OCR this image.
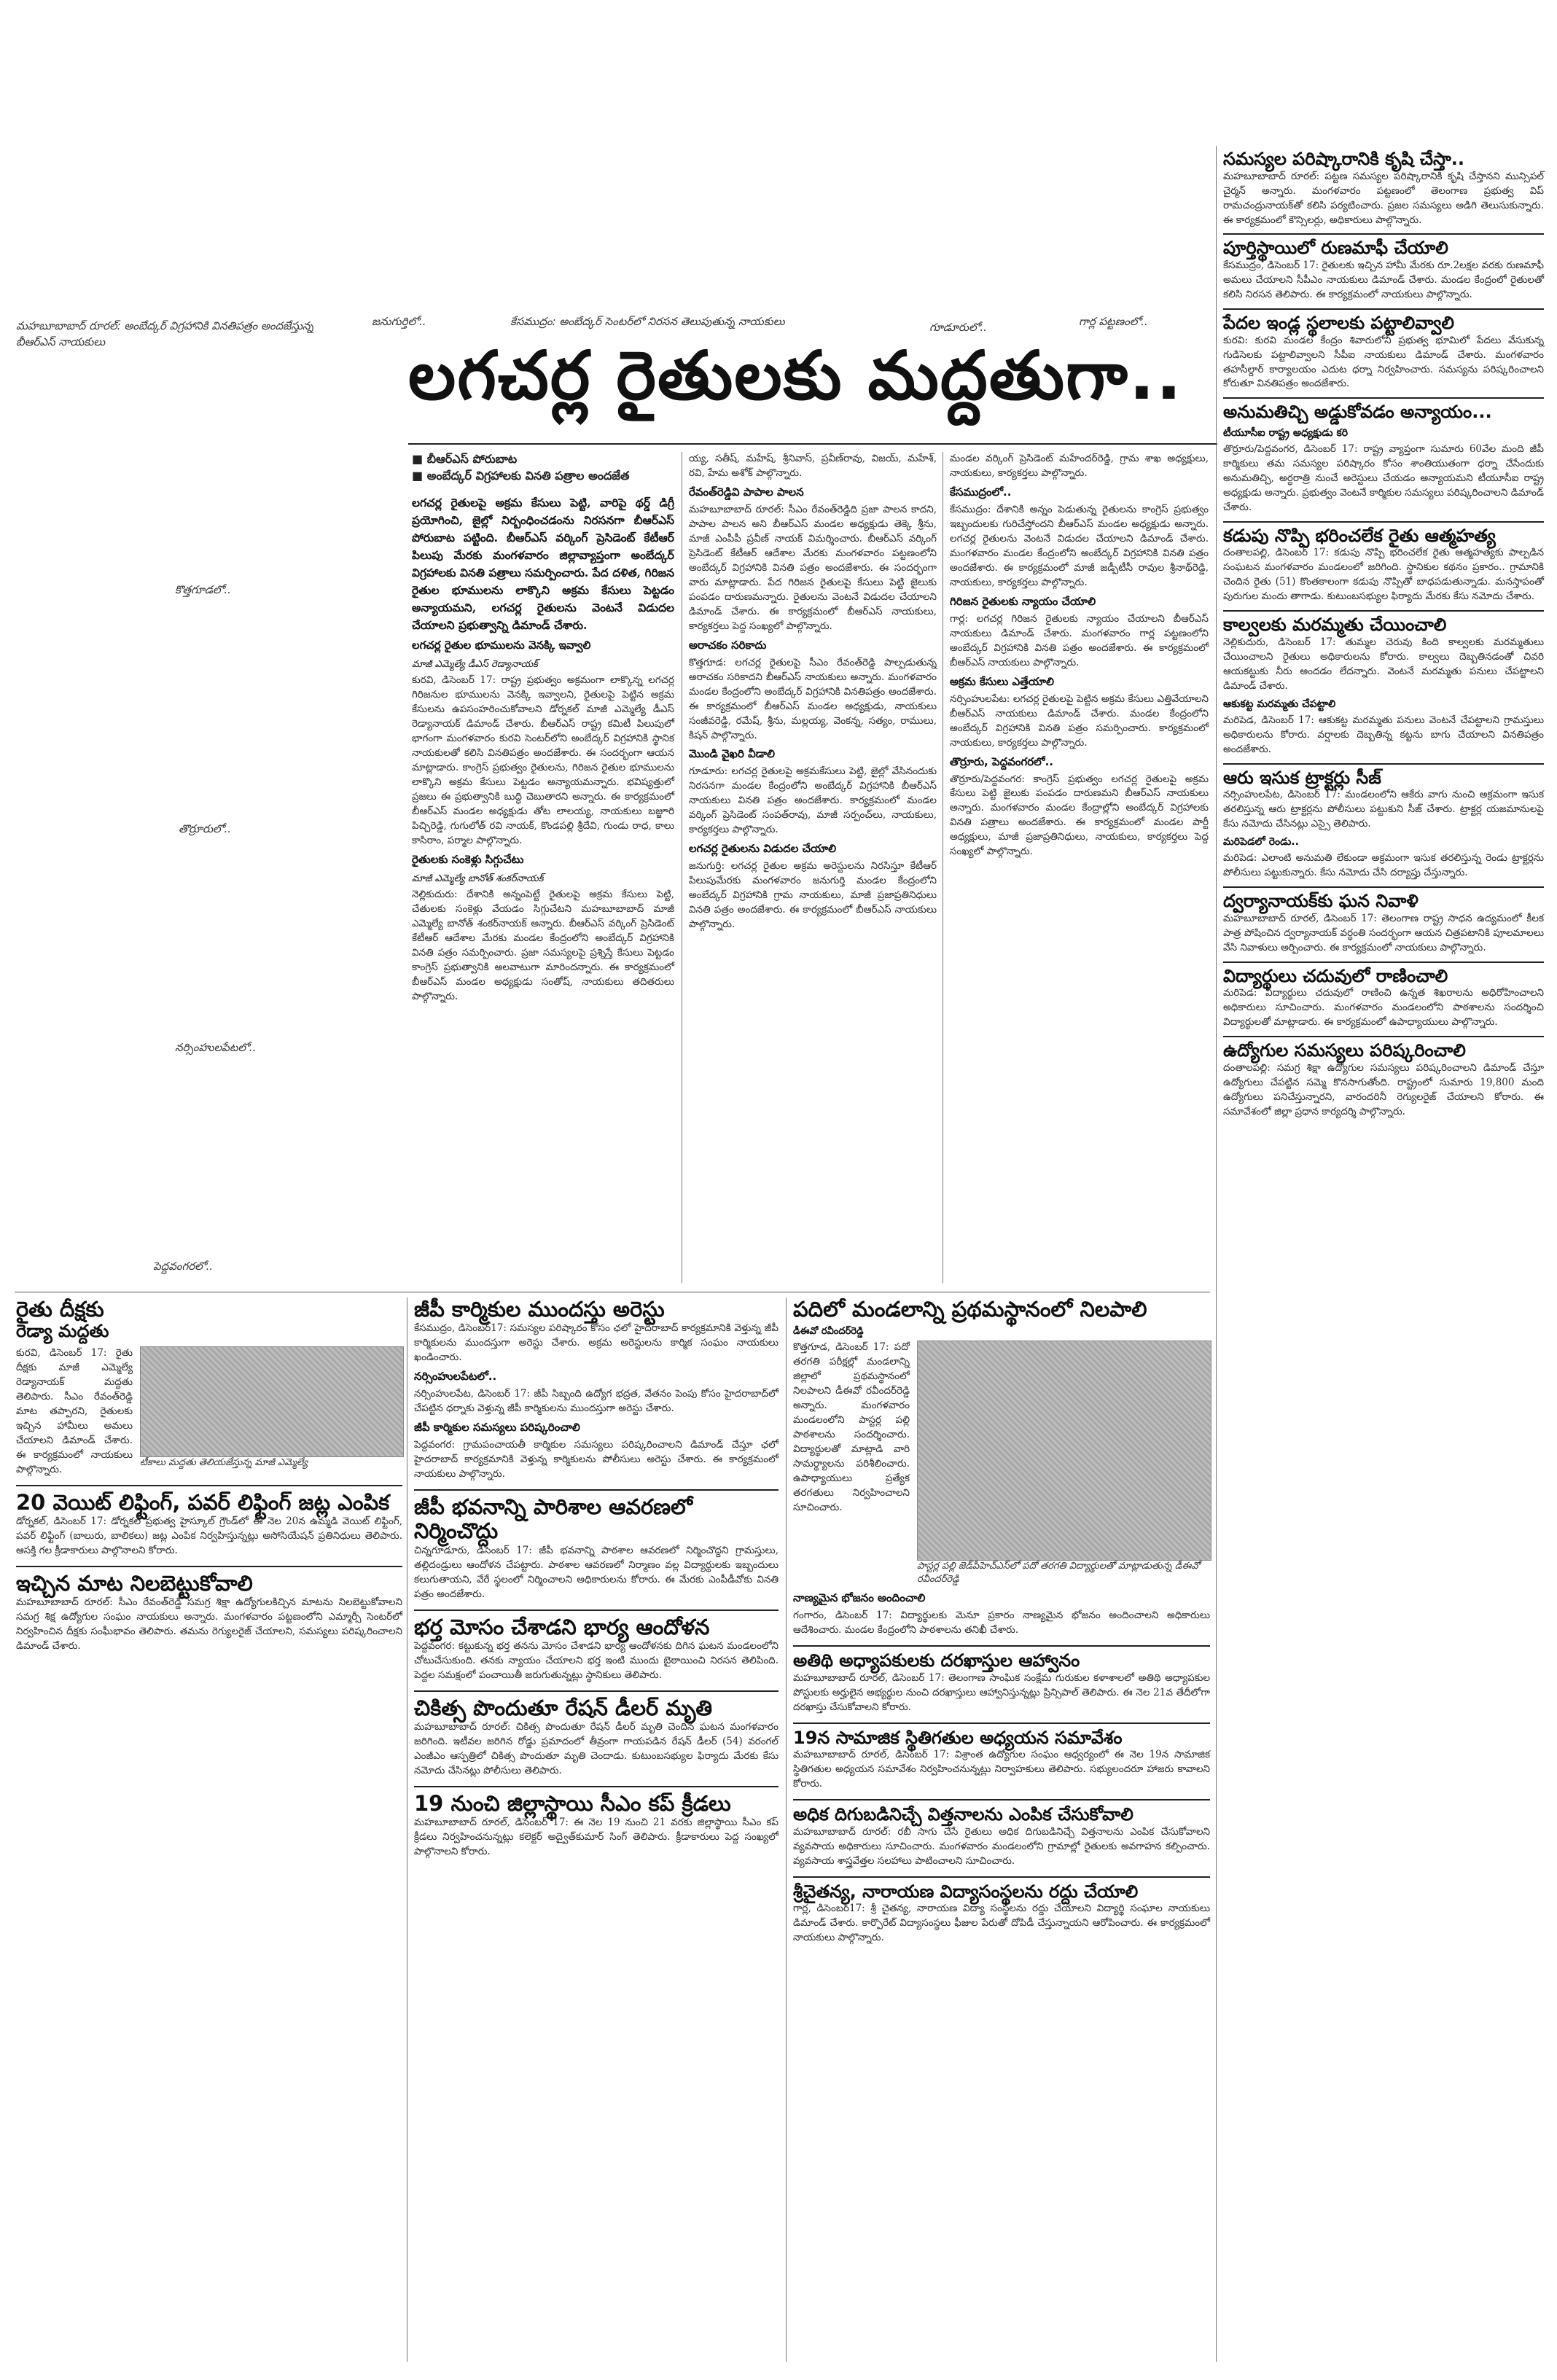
మహబూబాబాద్ రూరల్: అంబేద్కర్ విగ్రహానికి వినతిపత్రం అందజేస్తున్న బీఆర్ఎస్ నాయకులు
జనుగుర్తిలో..	కేసముద్రం: అంబేద్కర్ సెంటర్‌లో నిరసన తెలుపుతున్న నాయకులు	గూడూరులో..	గార్ల పట్టణంలో..
కొత్తగూడలో..
తొర్రూరులో..
నర్సింహులపేటలో..
పెద్దవంగరలో..
లగచర్ల రైతులకు మద్దతుగా..
■ బీఆర్ఎస్ పోరుబాట
■ అంబేద్కర్ విగ్రహాలకు వినతి పత్రాల అందజేత
లగచర్ల రైతులపై అక్రమ కేసులు పెట్టి, వారిపై థర్డ్ డిగ్రీ ప్రయోగించి, జైల్లో నిర్బంధించడంను నిరసనగా బీఆర్ఎస్ పోరుబాట పట్టింది. బీఆర్ఎస్ వర్కింగ్ ప్రెసిడెంట్ కేటీఆర్ పిలుపు మేరకు మంగళవారం జిల్లావ్యాప్తంగా అంబేద్కర్ విగ్రహాలకు వినతి పత్రాలు సమర్పించారు. పేద దళిత, గిరిజన రైతుల భూములను లాక్కొని అక్రమ కేసులు పెట్టడం అన్యాయమని, లగచర్ల రైతులను వెంటనే విడుదల చేయాలని ప్రభుత్వాన్ని డిమాండ్ చేశారు.
లగచర్ల రైతుల భూములను వెనక్కి ఇవ్వాలి
మాజీ ఎమ్మెల్యే డీఎస్ రెడ్యానాయక్
కురవి, డిసెంబర్ 17: రాష్ట్ర ప్రభుత్వం అక్రమంగా లాక్కొన్న లగచర్ల గిరిజనుల భూములను వెనక్కి ఇవ్వాలని, రైతులపై పెట్టిన అక్రమ కేసులను ఉపసంహరించుకోవాలని డోర్నకల్ మాజీ ఎమ్మెల్యే డీఎస్ రెడ్యానాయక్ డిమాండ్ చేశారు. బీఆర్ఎస్ రాష్ట్ర కమిటీ పిలుపులో భాగంగా మంగళవారం కురవి సెంటర్‌లోని అంబేద్కర్ విగ్రహానికి స్థానిక నాయకులతో కలిసి వినతిపత్రం అందజేశారు. ఈ సందర్భంగా ఆయన మాట్లాడారు. కాంగ్రెస్ ప్రభుత్వం రైతులను, గిరిజన రైతుల భూములను లాక్కొని అక్రమ కేసులు పెట్టడం అన్యాయమన్నారు. భవిష్యత్తులో ప్రజలు ఈ ప్రభుత్వానికి బుద్ధి చెబుతారని అన్నారు. ఈ కార్యక్రమంలో బీఆర్ఎస్ మండల అధ్యక్షుడు తోట లాలయ్య, నాయకులు బజ్జూరి పిచ్చిరెడ్డి, గుగులోత్ రవి నాయక్, కొండపల్లి శ్రీదేవి, గుండు రాధ, కాలు కాసిరాం, పర్మాల పాల్గొన్నారు.
రైతులకు సంకెళ్లు సిగ్గుచేటు
మాజీ ఎమ్మెల్యే బానోత్ శంకర్‌నాయక్
నెల్లికుదురు: దేశానికి అన్నంపెట్టే రైతులపై అక్రమ కేసులు పెట్టి, చేతులకు సంకెళ్లు వేయడం సిగ్గుచేటని మహబూబాబాద్ మాజీ ఎమ్మెల్యే బానోత్ శంకర్‌నాయక్ అన్నారు. బీఆర్ఎస్ వర్కింగ్ ప్రెసిడెంట్ కేటీఆర్ ఆదేశాల మేరకు మండల కేంద్రంలోని అంబేద్కర్ విగ్రహానికి వినతి పత్రం సమర్పించారు. ప్రజా సమస్యలపై ప్రశ్నిస్తే కేసులు పెట్టడం కాంగ్రెస్ ప్రభుత్వానికి అలవాటుగా మారిందన్నారు. ఈ కార్యక్రమంలో బీఆర్ఎస్ మండల అధ్యక్షుడు సంతోష్, నాయకులు తదితరులు పాల్గొన్నారు.
య్య, సతీష్, మహేష్, శ్రీనివాస్, ప్రవీణ్‌రావు, విజయ్, మహేశ్, రవి, హేమ అశోక్ పాల్గొన్నారు.
రేవంత్‌రెడ్డివి పాపాల పాలన
మహబూబాబాద్ రూరల్: సీఎం రేవంత్‌రెడ్డిది ప్రజా పాలన కాదని, పాపాల పాలన అని బీఆర్ఎస్ మండల అధ్యక్షుడు తెక్కె శ్రీను, మాజీ ఎంపీపీ ప్రవీణ్ నాయక్ విమర్శించారు. బీఆర్ఎస్ వర్కింగ్ ప్రెసిడెంట్ కేటీఆర్ ఆదేశాల మేరకు మంగళవారం పట్టణంలోని అంబేద్కర్ విగ్రహానికి వినతి పత్రం అందజేశారు. ఈ సందర్భంగా వారు మాట్లాడారు. పేద గిరిజన రైతులపై కేసులు పెట్టి జైలుకు పంపడం దారుణమన్నారు. రైతులను వెంటనే విడుదల చేయాలని డిమాండ్ చేశారు. ఈ కార్యక్రమంలో బీఆర్ఎస్ నాయకులు, కార్యకర్తలు పెద్ద సంఖ్యలో పాల్గొన్నారు.
అరాచకం సరికాదు
కొత్తగూడ: లగచర్ల రైతులపై సీఎం రేవంత్‌రెడ్డి పాల్పడుతున్న అరాచకం సరికాదని బీఆర్ఎస్ నాయకులు అన్నారు. మంగళవారం మండల కేంద్రంలోని అంబేద్కర్ విగ్రహానికి వినతిపత్రం అందజేశారు. ఈ కార్యక్రమంలో బీఆర్ఎస్ మండల అధ్యక్షుడు, నాయకులు సంజీవరెడ్డి, రమేష్, శ్రీను, మల్లయ్య, వెంకన్న, సత్యం, రాములు, కిషన్ పాల్గొన్నారు.
మొండి వైఖరి వీడాలి
గూడూరు: లగచర్ల రైతులపై అక్రమకేసులు పెట్టి, జైల్లో వేసినందుకు నిరసనగా మండల కేంద్రంలోని అంబేద్కర్ విగ్రహానికి బీఆర్ఎస్ నాయకులు వినతి పత్రం అందజేశారు. కార్యక్రమంలో మండల వర్కింగ్ ప్రెసిడెంట్ సంపత్‌రావు, మాజీ సర్పంచ్‌లు, నాయకులు, కార్యకర్తలు పాల్గొన్నారు.
లగచర్ల రైతులను విడుదల చేయాలి
జనుగుర్తి: లగచర్ల రైతుల అక్రమ అరెస్టులను నిరసిస్తూ కేటీఆర్ పిలుపుమేరకు మంగళవారం జనుగుర్తి మండల కేంద్రంలోని అంబేద్కర్ విగ్రహానికి గ్రామ నాయకులు, మాజీ ప్రజాప్రతినిధులు వినతి పత్రం అందజేశారు. ఈ కార్యక్రమంలో బీఆర్ఎస్ నాయకులు పాల్గొన్నారు.
మండల వర్కింగ్ ప్రెసిడెంట్ మహేందర్‌రెడ్డి, గ్రామ శాఖ అధ్యక్షులు, నాయకులు, కార్యకర్తలు పాల్గొన్నారు.
కేసముద్రంలో..
కేసముద్రం: దేశానికి అన్నం పెడుతున్న రైతులను కాంగ్రెస్ ప్రభుత్వం ఇబ్బందులకు గురిచేస్తోందని బీఆర్ఎస్ మండల అధ్యక్షుడు అన్నారు. లగచర్ల రైతులను వెంటనే విడుదల చేయాలని డిమాండ్ చేశారు. మంగళవారం మండల కేంద్రంలోని అంబేద్కర్ విగ్రహానికి వినతి పత్రం అందజేశారు. ఈ కార్యక్రమంలో మాజీ జడ్పీటీసీ రావుల శ్రీనాథ్‌రెడ్డి, నాయకులు, కార్యకర్తలు పాల్గొన్నారు.
గిరిజన రైతులకు న్యాయం చేయాలి
గార్ల: లగచర్ల గిరిజన రైతులకు న్యాయం చేయాలని బీఆర్ఎస్ నాయకులు డిమాండ్ చేశారు. మంగళవారం గార్ల పట్టణంలోని అంబేద్కర్ విగ్రహానికి వినతి పత్రం అందజేశారు. ఈ కార్యక్రమంలో బీఆర్ఎస్ నాయకులు పాల్గొన్నారు.
అక్రమ కేసులు ఎత్తేయాలి
నర్సింహులపేట: లగచర్ల రైతులపై పెట్టిన అక్రమ కేసులు ఎత్తివేయాలని బీఆర్ఎస్ నాయకులు డిమాండ్ చేశారు. మండల కేంద్రంలోని అంబేద్కర్ విగ్రహానికి వినతి పత్రం సమర్పించారు. కార్యక్రమంలో నాయకులు, కార్యకర్తలు పాల్గొన్నారు.
తొర్రూరు, పెద్దవంగరలో..
తొర్రూరు/పెద్దవంగర: కాంగ్రెస్ ప్రభుత్వం లగచర్ల రైతులపై అక్రమ కేసులు పెట్టి జైలుకు పంపడం దారుణమని బీఆర్ఎస్ నాయకులు అన్నారు. మంగళవారం మండల కేంద్రాల్లోని అంబేద్కర్ విగ్రహాలకు వినతి పత్రాలు అందజేశారు. ఈ కార్యక్రమంలో మండల పార్టీ అధ్యక్షులు, మాజీ ప్రజాప్రతినిధులు, నాయకులు, కార్యకర్తలు పెద్ద సంఖ్యలో పాల్గొన్నారు.
రైతు దీక్షకు
రెడ్యా మద్దతు
కురవి, డిసెంబర్ 17: రైతు దీక్షకు మాజీ ఎమ్మెల్యే రెడ్యానాయక్ మద్దతు తెలిపారు. సీఎం రేవంత్‌రెడ్డి మాట తప్పారని, రైతులకు ఇచ్చిన హామీలు అమలు చేయాలని డిమాండ్ చేశారు. ఈ కార్యక్రమంలో నాయకులు పాల్గొన్నారు.
టీకాలు మద్దతు తెలియజేస్తున్న మాజీ ఎమ్మెల్యే
20 వెయిట్ లిఫ్టింగ్, పవర్ లిఫ్టింగ్ జట్ల ఎంపిక
డోర్నకల్, డిసెంబర్ 17: డోర్నకల్ ప్రభుత్వ హైస్కూల్ గ్రౌండ్‌లో ఈ నెల 20న ఉమ్మడి వెయిట్ లిఫ్టింగ్, పవర్ లిఫ్టింగ్ (బాలురు, బాలికలు) జట్ల ఎంపిక నిర్వహిస్తున్నట్లు అసోసియేషన్ ప్రతినిధులు తెలిపారు. ఆసక్తి గల క్రీడాకారులు పాల్గొనాలని కోరారు.
ఇచ్చిన మాట నిలబెట్టుకోవాలి
మహబూబాబాద్ రూరల్: సీఎం రేవంత్‌రెడ్డి సమగ్ర శిక్షా ఉద్యోగులకిచ్చిన మాటను నిలబెట్టుకోవాలని సమగ్ర శిక్ష ఉద్యోగుల సంఘం నాయకులు అన్నారు. మంగళవారం పట్టణంలోని ఎమ్మార్సీ సెంటర్‌లో నిర్వహించిన దీక్షకు సంఘీభావం తెలిపారు. తమను రెగ్యులరైజ్ చేయాలని, సమస్యలు పరిష్కరించాలని డిమాండ్ చేశారు.
జీపీ కార్మికుల ముందస్తు అరెస్టు
కేసముద్రం, డిసెంబర్17: సమస్యల పరిష్కారం కోసం ఛలో హైదరాబాద్ కార్యక్రమానికి వెళ్తున్న జీపీ కార్మికులను ముందస్తుగా అరెస్టు చేశారు. అక్రమ అరెస్టులను కార్మిక సంఘం నాయకులు ఖండించారు.
నర్సింహులపేటలో..
నర్సింహులపేట, డిసెంబర్ 17: జీపీ సిబ్బంది ఉద్యోగ భద్రత, వేతనం పెంపు కోసం హైదరాబాద్‌లో చేపట్టిన ధర్నాకు వెళ్తున్న జీపీ కార్మికులను ముందస్తుగా అరెస్టు చేశారు.
జీపీ కార్మికుల సమస్యలు పరిష్కరించాలి
పెద్దవంగర: గ్రామపంచాయతీ కార్మికుల సమస్యలు పరిష్కరించాలని డిమాండ్ చేస్తూ ఛలో హైదరాబాద్ కార్యక్రమానికి వెళ్తున్న కార్మికులను పోలీసులు అరెస్టు చేశారు. ఈ కార్యక్రమంలో నాయకులు పాల్గొన్నారు.
జీపీ భవనాన్ని పారిశాల ఆవరణలో నిర్మించొద్దు
చిన్నగూడూరు, డిసెంబర్ 17: జీపీ భవనాన్ని పాఠశాల ఆవరణలో నిర్మించొద్దని గ్రామస్తులు, తల్లిదండ్రులు ఆందోళన చేపట్టారు. పాఠశాల ఆవరణలో నిర్మాణం వల్ల విద్యార్థులకు ఇబ్బందులు కలుగుతాయని, వేరే స్థలంలో నిర్మించాలని అధికారులను కోరారు. ఈ మేరకు ఎంపీడీవోకు వినతి పత్రం అందజేశారు.
భర్త మోసం చేశాడని భార్య ఆందోళన
పెద్దవంగర: కట్టుకున్న భర్త తనను మోసం చేశాడని భార్య ఆందోళనకు దిగిన ఘటన మండలంలోని చోటుచేసుకుంది. తనకు న్యాయం చేయాలని భర్త ఇంటి ముందు బైఠాయించి నిరసన తెలిపింది. పెద్దల సమక్షంలో పంచాయితీ జరుగుతున్నట్లు స్థానికులు తెలిపారు.
చికిత్స పొందుతూ రేషన్ డీలర్ మృతి
మహబూబాబాద్ రూరల్: చికిత్స పొందుతూ రేషన్ డీలర్ మృతి చెందిన ఘటన మంగళవారం జరిగింది. ఇటీవల జరిగిన రోడ్డు ప్రమాదంలో తీవ్రంగా గాయపడిన రేషన్ డీలర్ (54) వరంగల్ ఎంజీఎం ఆస్పత్రిలో చికిత్స పొందుతూ మృతి చెందాడు. కుటుంబసభ్యుల ఫిర్యాదు మేరకు కేసు నమోదు చేసినట్లు పోలీసులు తెలిపారు.
19 నుంచి జిల్లాస్థాయి సీఎం కప్ క్రీడలు
మహబూబాబాద్ రూరల్, డిసెంబర్ 17: ఈ నెల 19 నుంచి 21 వరకు జిల్లాస్థాయి సీఎం కప్ క్రీడలు నిర్వహించనున్నట్లు కలెక్టర్ అద్వైత్‌కుమార్ సింగ్ తెలిపారు. క్రీడాకారులు పెద్ద సంఖ్యలో పాల్గొనాలని కోరారు.
పదిలో మండలాన్ని ప్రథమస్థానంలో నిలపాలి
డీఈవో రవీందర్‌రెడ్డి
కొత్తగూడ, డిసెంబర్ 17: పదో తరగతి పరీక్షల్లో మండలాన్ని జిల్లాలో ప్రథమస్థానంలో నిలపాలని డీఈవో రవీందర్‌రెడ్డి అన్నారు. మంగళవారం మండలంలోని పాస్టర్ల పల్లి పాఠశాలను సందర్శించారు. విద్యార్థులతో మాట్లాడి వారి సామర్థ్యాలను పరిశీలించారు. ఉపాధ్యాయులు ప్రత్యేక తరగతులు నిర్వహించాలని సూచించారు.
పాస్టర్ల పల్లి జెడ్‌పీహెచ్‌ఎస్‌లో పదో తరగతి విద్యార్థులతో మాట్లాడుతున్న డీఈవో రవీందర్‌రెడ్డి
నాణ్యమైన భోజనం అందించాలి
గంగారం, డిసెంబర్ 17: విద్యార్థులకు మెనూ ప్రకారం నాణ్యమైన భోజనం అందించాలని అధికారులు ఆదేశించారు. మండల కేంద్రంలోని పాఠశాలను తనిఖీ చేశారు.
అతిథి అధ్యాపకులకు దరఖాస్తుల ఆహ్వానం
మహబూబాబాద్ రూరల్, డిసెంబర్ 17: తెలంగాణ సాంఘిక సంక్షేమ గురుకుల కళాశాలలో అతిథి అధ్యాపకుల పోస్టులకు అర్హులైన అభ్యర్థుల నుంచి దరఖాస్తులు ఆహ్వానిస్తున్నట్లు ప్రిన్సిపాల్ తెలిపారు. ఈ నెల 21వ తేదీలోగా దరఖాస్తు చేసుకోవాలని కోరారు.
19న సామాజిక స్థితిగతుల అధ్యయన సమావేశం
మహబూబాబాద్ రూరల్, డిసెంబర్ 17: విశ్రాంత ఉద్యోగుల సంఘం ఆధ్వర్యంలో ఈ నెల 19న సామాజిక స్థితిగతుల అధ్యయన సమావేశం నిర్వహించనున్నట్లు నిర్వాహకులు తెలిపారు. సభ్యులందరూ హాజరు కావాలని కోరారు.
అధిక దిగుబడినిచ్చే విత్తనాలను ఎంపిక చేసుకోవాలి
మహబూబాబాద్ రూరల్: రబీ సాగు చేసే రైతులు అధిక దిగుబడినిచ్చే విత్తనాలను ఎంపిక చేసుకోవాలని వ్యవసాయ అధికారులు సూచించారు. మంగళవారం మండలంలోని గ్రామాల్లో రైతులకు అవగాహన కల్పించారు. వ్యవసాయ శాస్త్రవేత్తల సలహాలు పాటించాలని సూచించారు.
శ్రీచైతన్య, నారాయణ విద్యాసంస్థలను రద్దు చేయాలి
గార్ల, డిసెంబర్17: శ్రీ చైతన్య, నారాయణ విద్యా సంస్థలను రద్దు చేయాలని విద్యార్థి సంఘాల నాయకులు డిమాండ్ చేశారు. కార్పొరేట్ విద్యాసంస్థలు ఫీజుల పేరుతో దోపిడీ చేస్తున్నాయని ఆరోపించారు. ఈ కార్యక్రమంలో నాయకులు పాల్గొన్నారు.
సమస్యల పరిష్కారానికి కృషి చేస్తా..
మహబూబాబాద్ రూరల్: పట్టణ సమస్యల పరిష్కారానికి కృషి చేస్తానని మున్సిపల్ చైర్మన్ అన్నారు. మంగళవారం పట్టణంలో తెలంగాణ ప్రభుత్వ విప్ రామచంద్రునాయక్‌తో కలిసి పర్యటించారు. ప్రజల సమస్యలు అడిగి తెలుసుకున్నారు. ఈ కార్యక్రమంలో కౌన్సిలర్లు, అధికారులు పాల్గొన్నారు.
పూర్తిస్థాయిలో రుణమాఫీ చేయాలి
కేసముద్రం, డిసెంబర్ 17: రైతులకు ఇచ్చిన హామీ మేరకు రూ.2లక్షల వరకు రుణమాఫీ అమలు చేయాలని సీపీఎం నాయకులు డిమాండ్ చేశారు. మండల కేంద్రంలో రైతులతో కలిసి నిరసన తెలిపారు. ఈ కార్యక్రమంలో నాయకులు పాల్గొన్నారు.
పేదల ఇండ్ల స్థలాలకు పట్టాలివ్వాలి
కురవి: కురవి మండల కేంద్రం శివారులోని ప్రభుత్వ భూమిలో పేదలు వేసుకున్న గుడిసెలకు పట్టాలివ్వాలని సీపీఐ నాయకులు డిమాండ్ చేశారు. మంగళవారం తహసీల్దార్ కార్యాలయం ఎదుట ధర్నా నిర్వహించారు. సమస్యను పరిష్కరించాలని కోరుతూ వినతిపత్రం అందజేశారు.
అనుమతిచ్చి అడ్డుకోవడం అన్యాయం...
టీయూసీఐ రాష్ట్ర అధ్యక్షుడు కరి
తొర్రూరు/పెద్దవంగర, డిసెంబర్ 17: రాష్ట్ర వ్యాప్తంగా సుమారు 60వేల మంది జీపీ కార్మికులు తమ సమస్యల పరిష్కారం కోసం శాంతియుతంగా ధర్నా చేసేందుకు అనుమతిచ్చి, అర్ధరాత్రి నుంచే అరెస్టులు చేయడం అన్యాయమని టీయూసీఐ రాష్ట్ర అధ్యక్షుడు అన్నారు. ప్రభుత్వం వెంటనే కార్మికుల సమస్యలు పరిష్కరించాలని డిమాండ్ చేశారు.
కడుపు నొప్పి భరించలేక రైతు ఆత్మహత్య
దంతాలపల్లి, డిసెంబర్ 17: కడుపు నొప్పి భరించలేక రైతు ఆత్మహత్యకు పాల్పడిన సంఘటన మంగళవారం మండలంలో జరిగింది. స్థానికుల కథనం ప్రకారం.. గ్రామానికి చెందిన రైతు (51) కొంతకాలంగా కడుపు నొప్పితో బాధపడుతున్నాడు. మనస్తాపంతో పురుగుల మందు తాగాడు. కుటుంబసభ్యుల ఫిర్యాదు మేరకు కేసు నమోదు చేశారు.
కాల్వలకు మరమ్మతు చేయించాలి
నెల్లికుదురు, డిసెంబర్ 17: తుమ్మల చెరువు కింది కాల్వలకు మరమ్మతులు చేయించాలని రైతులు అధికారులను కోరారు. కాల్వలు దెబ్బతినడంతో చివరి ఆయకట్టుకు నీరు అందడం లేదన్నారు. వెంటనే మరమ్మతు పనులు చేపట్టాలని డిమాండ్ చేశారు.
ఆకుకట్ట మరమ్మతు చేపట్టాలి
మరిపెడ, డిసెంబర్ 17: ఆకుకట్ట మరమ్మతు పనులు వెంటనే చేపట్టాలని గ్రామస్తులు అధికారులను కోరారు. వర్షాలకు దెబ్బతిన్న కట్టను బాగు చేయాలని వినతిపత్రం అందజేశారు.
ఆరు ఇసుక ట్రాక్టర్లు సీజ్
నర్సింహులపేట, డిసెంబర్ 17: మండలంలోని ఆకేరు వాగు నుంచి అక్రమంగా ఇసుక తరలిస్తున్న ఆరు ట్రాక్టర్లను పోలీసులు పట్టుకుని సీజ్ చేశారు. ట్రాక్టర్ల యజమానులపై కేసు నమోదు చేసినట్లు ఎస్సై తెలిపారు.
మరిపెడలో రెండు..
మరిపెడ: ఎలాంటి అనుమతి లేకుండా అక్రమంగా ఇసుక తరలిస్తున్న రెండు ట్రాక్టర్లను పోలీసులు పట్టుకున్నారు. కేసు నమోదు చేసి దర్యాప్తు చేస్తున్నారు.
ద్వర్యానాయక్‌కు ఘన నివాళి
మహబూబాబాద్ రూరల్, డిసెంబర్ 17: తెలంగాణ రాష్ట్ర సాధన ఉద్యమంలో కీలక పాత్ర పోషించిన ద్వర్యానాయక్ వర్ధంతి సందర్భంగా ఆయన చిత్రపటానికి పూలమాలలు వేసి నివాళులు అర్పించారు. ఈ కార్యక్రమంలో నాయకులు పాల్గొన్నారు.
విద్యార్థులు చదువులో రాణించాలి
మరిపెడ: విద్యార్థులు చదువులో రాణించి ఉన్నత శిఖరాలను అధిరోహించాలని అధికారులు సూచించారు. మంగళవారం మండలంలోని పాఠశాలను సందర్శించి విద్యార్థులతో మాట్లాడారు. ఈ కార్యక్రమంలో ఉపాధ్యాయులు పాల్గొన్నారు.
ఉద్యోగుల సమస్యలు పరిష్కరించాలి
దంతాలపల్లి: సమగ్ర శిక్షా ఉద్యోగుల సమస్యలు పరిష్కరించాలని డిమాండ్ చేస్తూ ఉద్యోగులు చేపట్టిన సమ్మె కొనసాగుతోంది. రాష్ట్రంలో సుమారు 19,800 మంది ఉద్యోగులు పనిచేస్తున్నారని, వారందరినీ రెగ్యులరైజ్ చేయాలని కోరారు. ఈ సమావేశంలో జిల్లా ప్రధాన కార్యదర్శి పాల్గొన్నారు.
